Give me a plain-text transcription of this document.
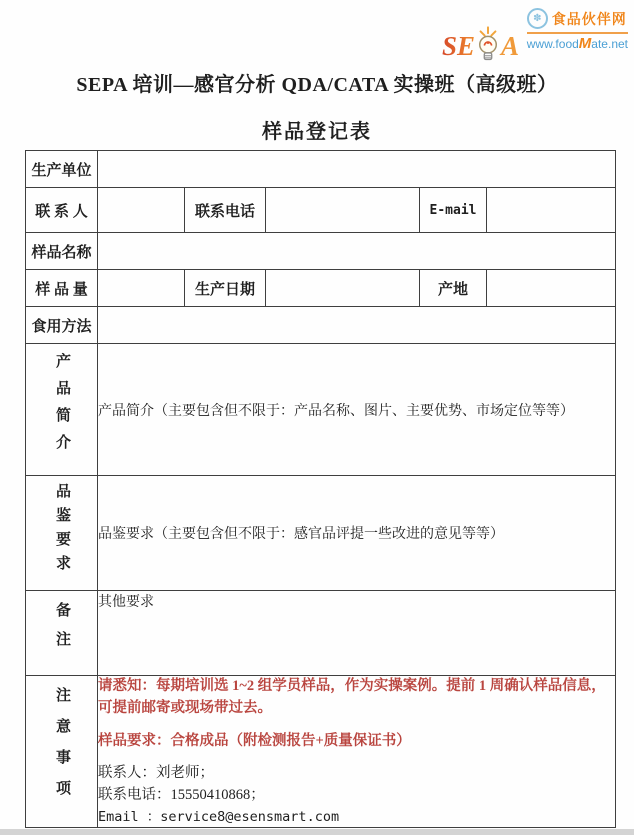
SE A
✽ 食品伙伴网
www.foodMate.net
SEPA 培训—感官分析 QDA/CATA 实操班（高级班）
样品登记表
生产单位					
联 系 人		联系电话		E-mail	
样品名称					
样 品 量		生产日期		产地	
食用方法					
产品简介	产品简介（主要包含但不限于：产品名称、图片、主要优势、市场定位等等）				
品鉴要求	品鉴要求（主要包含但不限于：感官品评提一些改进的意见等等）				
备注	其他要求				
注意事项	请悉知：每期培训选 1~2 组学员样品，作为实操案例。提前 1 周确认样品信息，可提前邮寄或现场带过去。

样品要求：合格成品（附检测报告+质量保证书）

联系人：刘老师；

联系电话：15550410868；

Email ：service8@esensmart.com				
